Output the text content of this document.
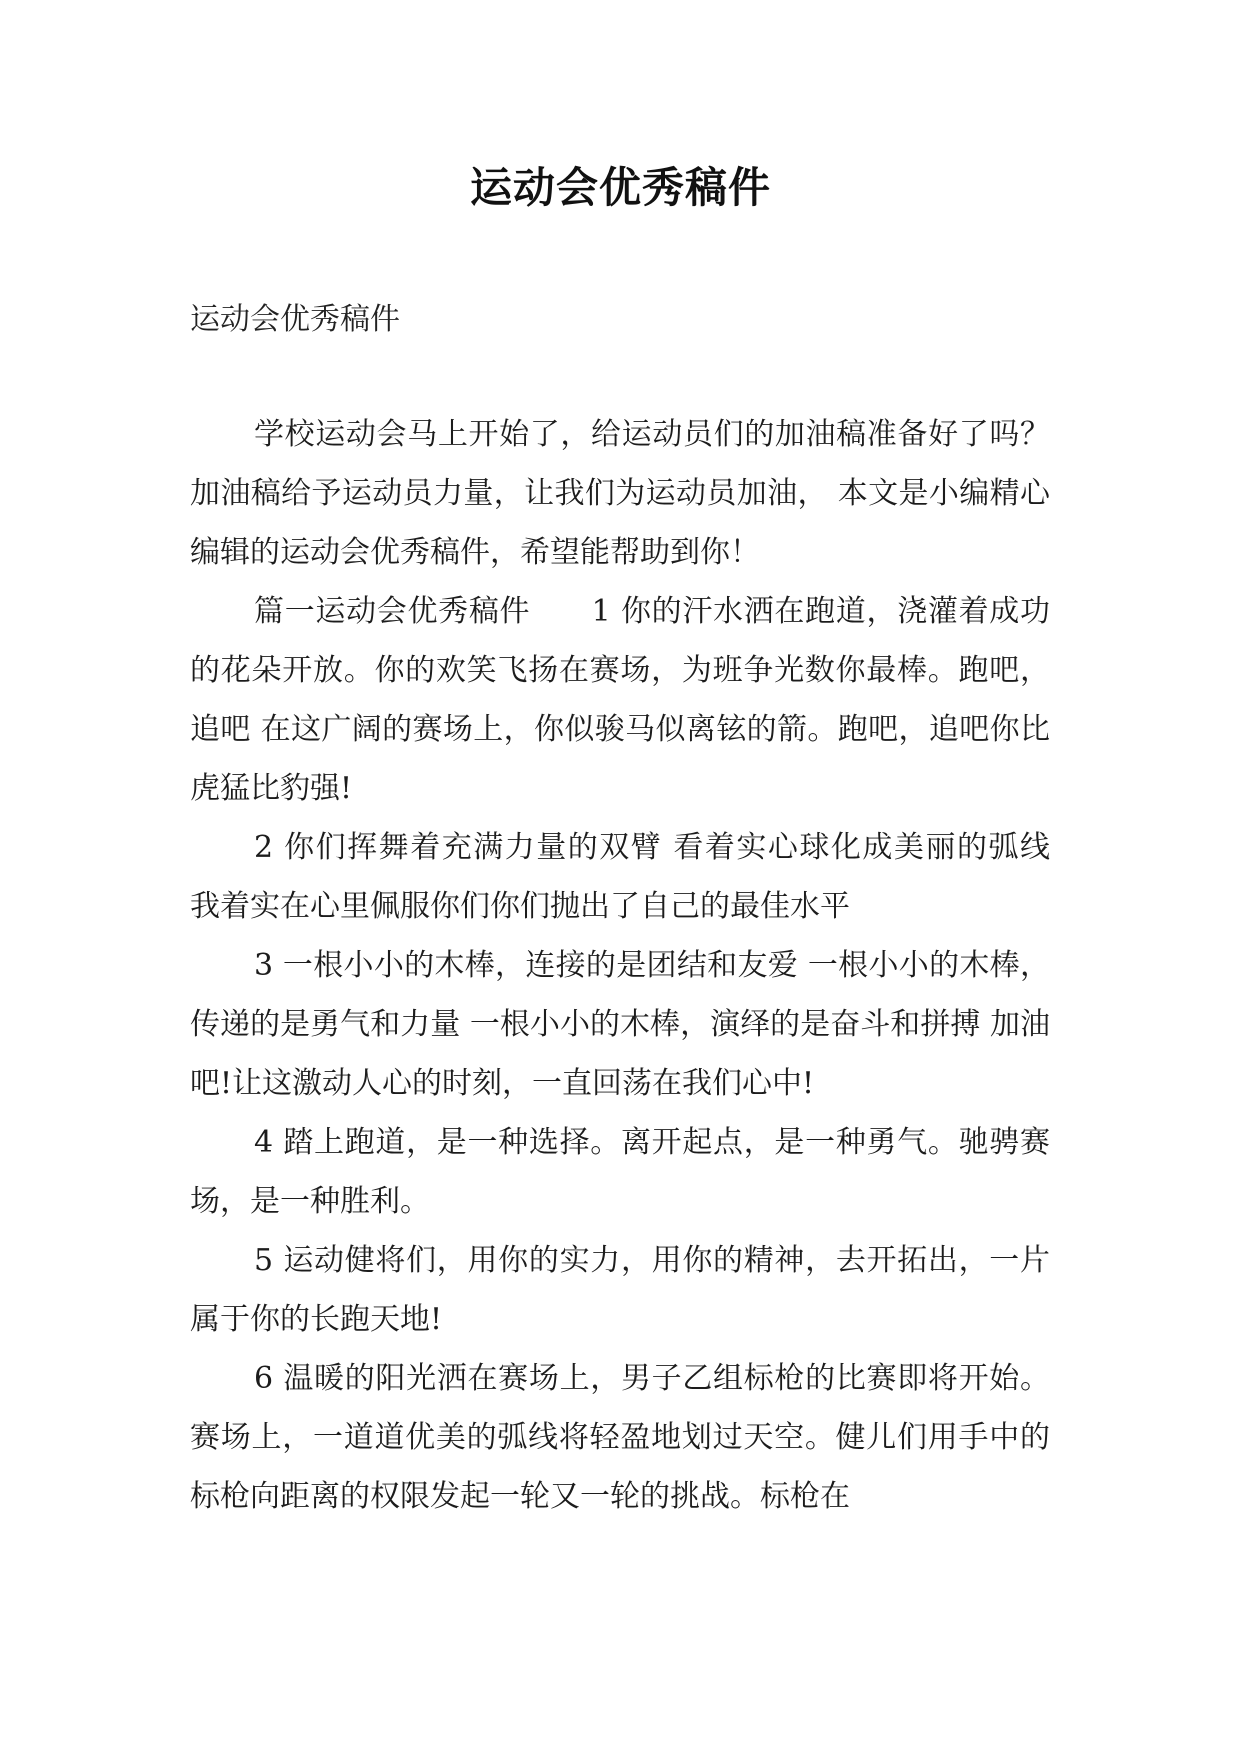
运动会优秀稿件
运动会优秀稿件

学校运动会马上开始了，给运动员们的加油稿准备好了吗？加油稿给予运动员力量，让我们为运动员加油， 本文是小编精心编辑的运动会优秀稿件，希望能帮助到你！

篇一运动会优秀稿件　　1 你的汗水洒在跑道，浇灌着成功的花朵开放。你的欢笑飞扬在赛场，为班争光数你最棒。跑吧，追吧 在这广阔的赛场上，你似骏马似离铉的箭。跑吧，追吧你比虎猛比豹强!

2 你们挥舞着充满力量的双臂 看着实心球化成美丽的弧线 我着实在心里佩服你们你们抛出了自己的最佳水平

3 一根小小的木棒，连接的是团结和友爱 一根小小的木棒，传递的是勇气和力量 一根小小的木棒，演绎的是奋斗和拼搏 加油吧!让这激动人心的时刻，一直回荡在我们心中!

4 踏上跑道，是一种选择。离开起点，是一种勇气。驰骋赛场，是一种胜利。

5 运动健将们，用你的实力，用你的精神，去开拓出，一片属于你的长跑天地!

6 温暖的阳光洒在赛场上，男子乙组标枪的比赛即将开始。赛场上，一道道优美的弧线将轻盈地划过天空。健儿们用手中的标枪向距离的权限发起一轮又一轮的挑战。标枪在
